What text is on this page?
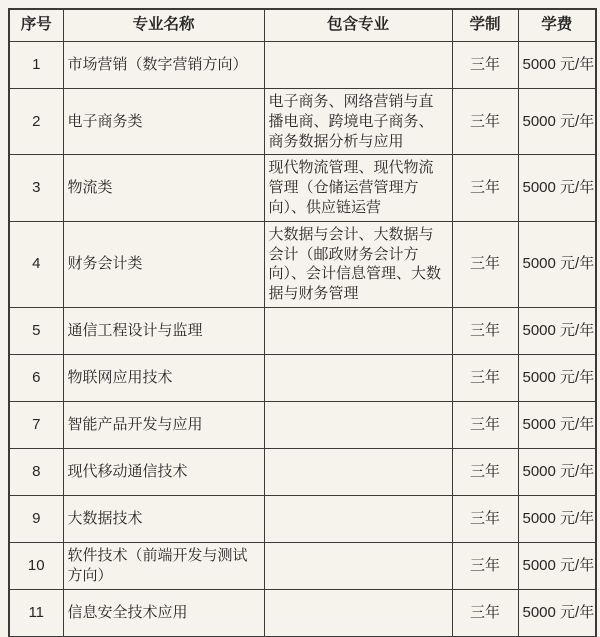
序号	专业名称	包含专业	学制	学费
1	市场营销（数字营销方向）		三年	5000 元/年
2	电子商务类	电子商务、网络营销与直播电商、跨境电子商务、商务数据分析与应用	三年	5000 元/年
3	物流类	现代物流管理、现代物流管理（仓储运营管理方向）、供应链运营	三年	5000 元/年
4	财务会计类	大数据与会计、大数据与会计（邮政财务会计方向）、会计信息管理、大数据与财务管理	三年	5000 元/年
5	通信工程设计与监理		三年	5000 元/年
6	物联网应用技术		三年	5000 元/年
7	智能产品开发与应用		三年	5000 元/年
8	现代移动通信技术		三年	5000 元/年
9	大数据技术		三年	5000 元/年
10	软件技术（前端开发与测试方向）		三年	5000 元/年
11	信息安全技术应用		三年	5000 元/年
